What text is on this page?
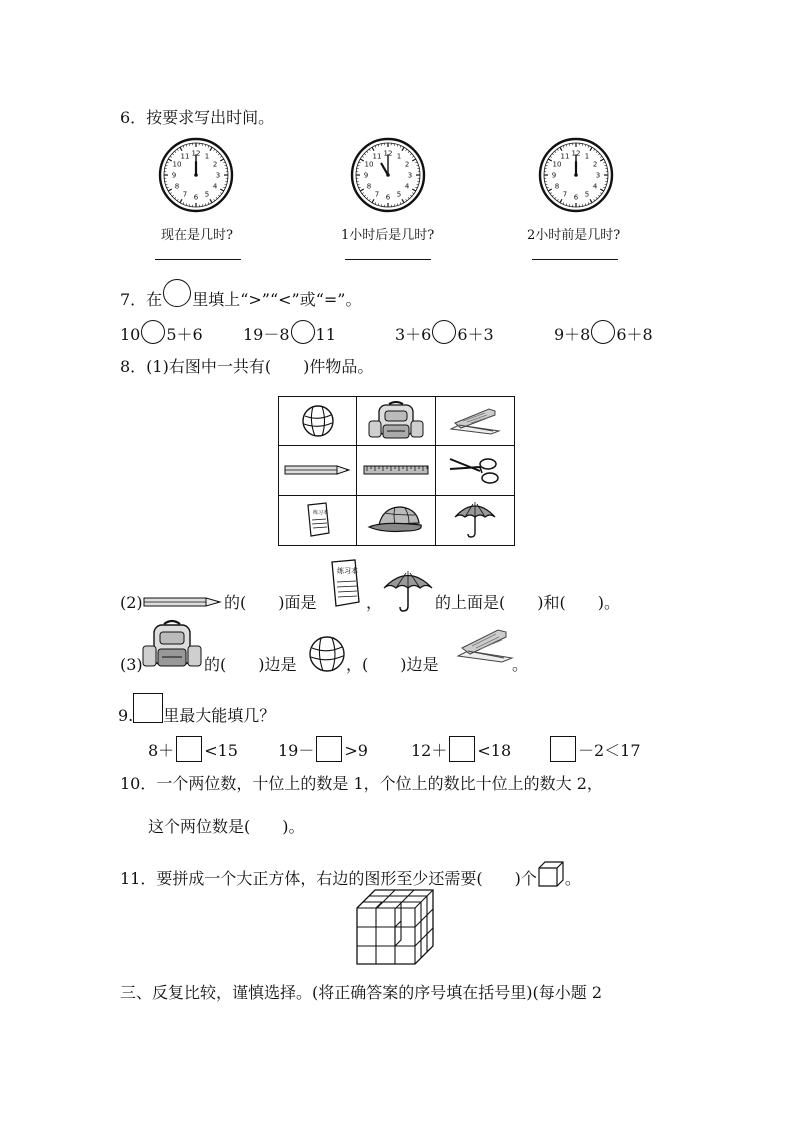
6．按要求写出时间。
12 1
2
3
4
5
6
7
8
9
10
11	12 1
2
3
4
5
6
7
8
9
10
11	12 1
2
3
4
5
6
7
8
9
10
11
现在是几时?	1小时后是几时?	2小时前是几时?
7．在 里填上“>”“<”或“=”。
10 5＋6	19－8 11	3＋6 6＋3	9＋8 6＋8
8．(1)右图中一共有(　　)件物品。
练习本
(2)	的(　　)面是
练习本
，	的上面是(　　)和(　　)。
(3)	的(　　)边是	，(　　)边是	。
9. 里最大能填几？
8＋ <15	19－ >9	12＋ <18	－2＜17
10．一个两位数，十位上的数是 1，个位上的数比十位上的数大 2，
这个两位数是(　　)。
11．要拼成一个大正方体，右边的图形至少还需要(　　)个 。
三、反复比较，谨慎选择。(将正确答案的序号填在括号里)(每小题 2
